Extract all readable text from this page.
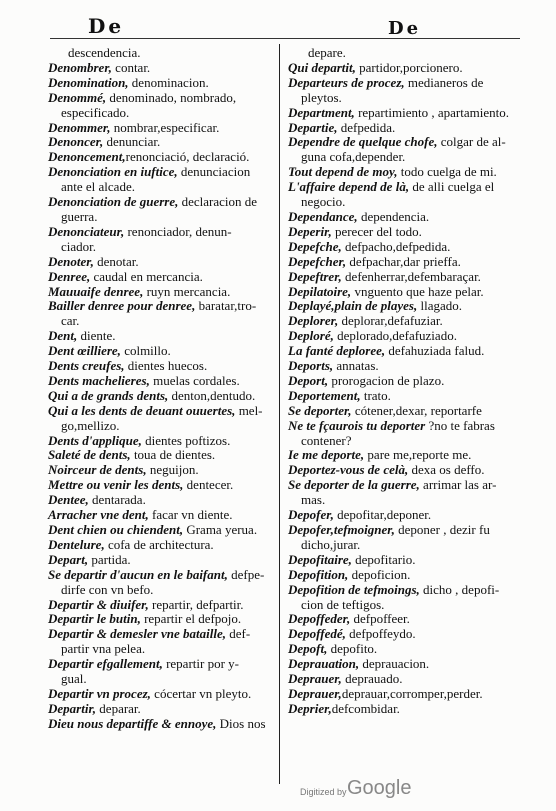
De	De
descendencia.
Denombrer, contar.
Denomination, denominacion.
Denommé, denominado, nombrado,
especificado.
Denommer, nombrar,especificar.
Denoncer, denunciar.
Denoncement,renonciació, declaració.
Denonciation en iuftice, denunciacion
ante el alcade.
Denonciation de guerre, declaracion de
guerra.
Denonciateur, renonciador, denun-
ciador.
Denoter, denotar.
Denree, caudal en mercancia.
Mauuaife denree, ruyn mercancia.
Bailler denree pour denree, baratar,tro-
car.
Dent, diente.
Dent œilliere, colmillo.
Dents creufes, dientes huecos.
Dents machelieres, muelas cordales.
Qui a de grands dents, denton,dentudo.
Qui a les dents de deuant ouuertes, mel-
go,mellizo.
Dents d'applique, dientes poftizos.
Saleté de dents, toua de dientes.
Noirceur de dents, neguijon.
Mettre ou venir les dents, dentecer.
Dentee, dentarada.
Arracher vne dent, facar vn diente.
Dent chien ou chiendent, Grama yerua.
Dentelure, cofa de architectura.
Depart, partida.
Se departir d'aucun en le baifant, defpe-
dirfe con vn befo.
Departir & diuifer, repartir, defpartir.
Departir le butin, repartir el defpojo.
Departir & demesler vne bataille, def-
partir vna pelea.
Departir efgallement, repartir por y-
gual.
Departir vn procez, cócertar vn pleyto.
Departir, deparar.
Dieu nous departiffe & ennoye, Dios nos
depare.
Qui departit, partidor,porcionero.
Departeurs de procez, medianeros de
pleytos.
Department, repartimiento , apartamiento.
Departie, defpedida.
Dependre de quelque chofe, colgar de al-
guna cofa,depender.
Tout depend de moy, todo cuelga de mi.
L'affaire depend de là, de alli cuelga el
negocio.
Dependance, dependencia.
Deperir, perecer del todo.
Depefche, defpacho,defpedida.
Depefcher, defpachar,dar prieffa.
Depeftrer, defenherrar,defembaraçar.
Depilatoire, vnguento que haze pelar.
Deplayé,plain de playes, llagado.
Deplorer, deplorar,defafuziar.
Deploré, deplorado,defafuziado.
La fanté deploree, defahuziada falud.
Deports, annatas.
Deport, prorogacion de plazo.
Deportement, trato.
Se deporter, cótener,dexar, reportarfe
Ne te fçaurois tu deporter ?no te fabras
contener?
Ie me deporte, pare me,reporte me.
Deportez-vous de celà, dexa os deffo.
Se deporter de la guerre, arrimar las ar-
mas.
Depofer, depofitar,deponer.
Depofer,tefmoigner, deponer , dezir fu
dicho,jurar.
Depofitaire, depofitario.
Depofition, depoficion.
Depofition de tefmoings, dicho , depofi-
cion de teftigos.
Depoffeder, defpoffeer.
Depoffedé, defpoffeydo.
Depoft, depofito.
Deprauation, deprauacion.
Deprauer, deprauado.
Deprauer,deprauar,corromper,perder.
Deprier,defcombidar.
Digitized by Google
